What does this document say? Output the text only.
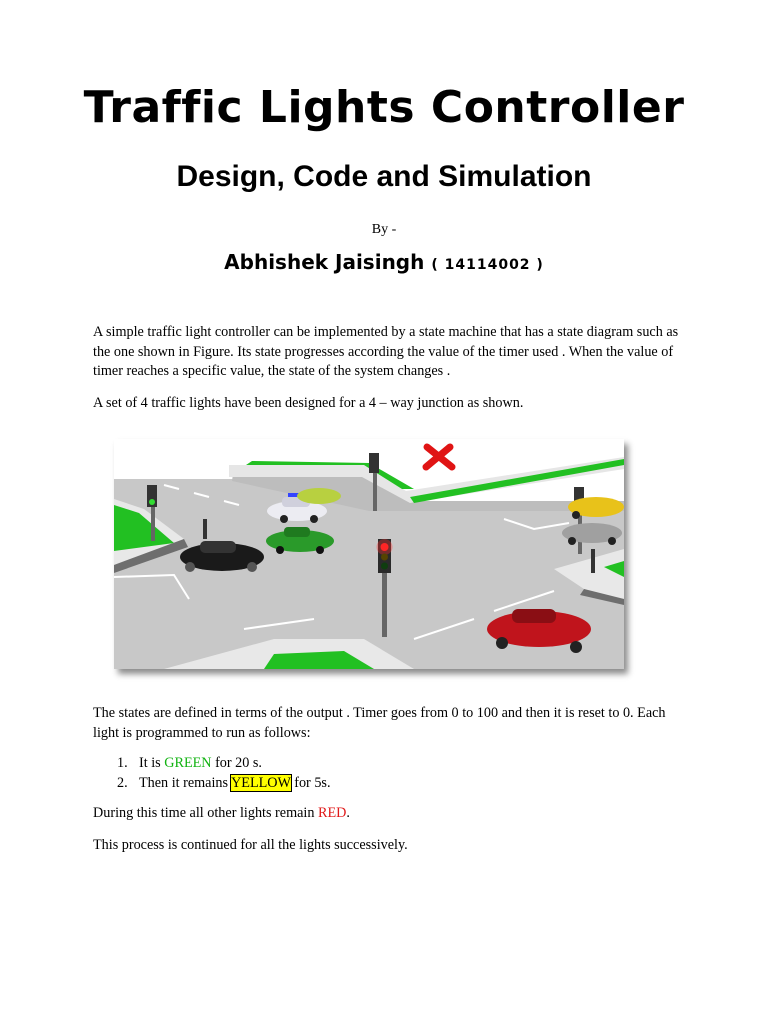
Traffic Lights Controller
Design, Code and Simulation
By -
Abhishek Jaisingh ( 14114002 )

A simple traffic light controller can be implemented by a state machine that has a state diagram such as the one shown in Figure. Its state progresses according the value of the timer used . When the value of timer reaches a specific value, the state of the system changes .

A set of 4 traffic lights have been designed for a 4 – way junction as shown.

The states are defined in terms of the output . Timer goes from 0 to 100 and then it is reset to 0. Each light is programmed to run as follows:

1. It is GREEN for 20 s.
2. Then it remains YELLOW for 5s.

During this time all other lights remain RED.

This process is continued for all the lights successively.
